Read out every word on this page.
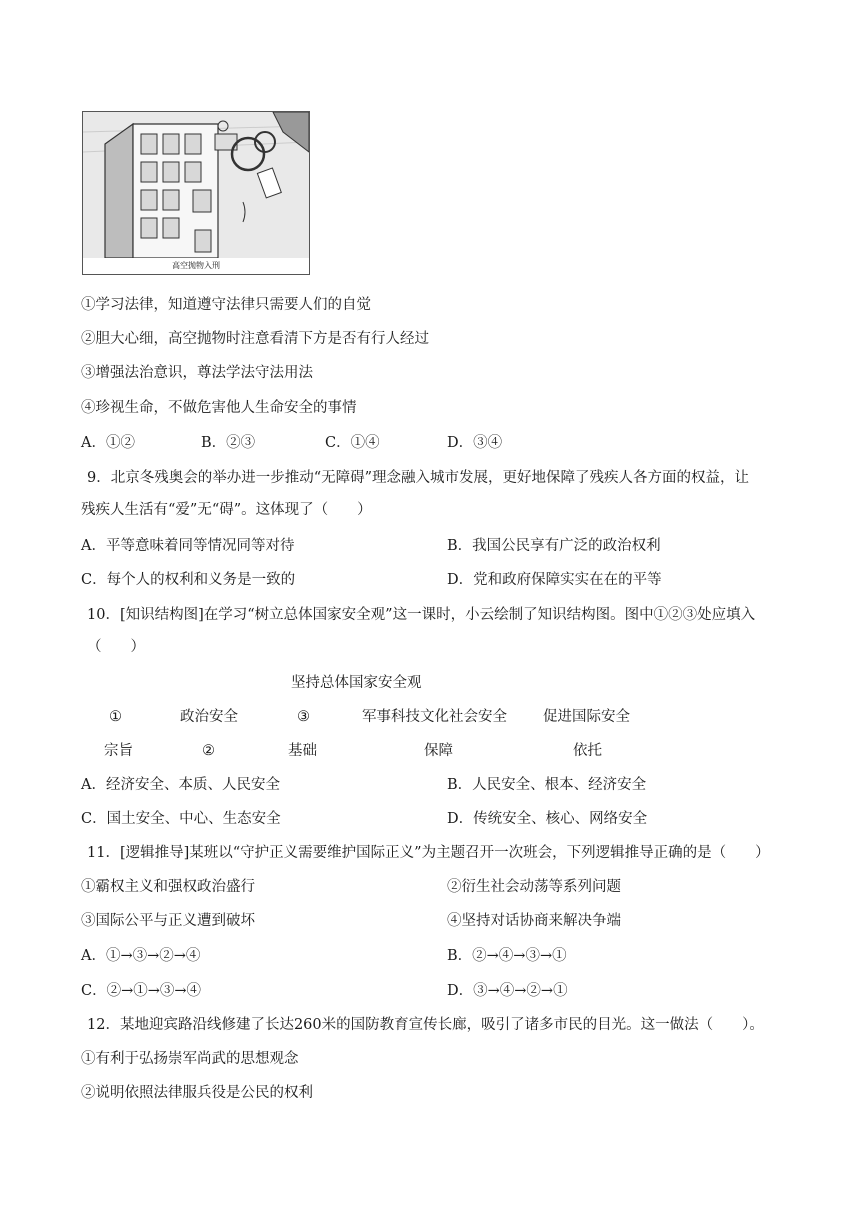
高空抛物入刑
①学习法律，知道遵守法律只需要人们的自觉
②胆大心细，高空抛物时注意看清下方是否有行人经过
③增强法治意识，尊法学法守法用法
④珍视生命，不做危害他人生命安全的事情
A．①②	B．②③	C．①④	D．③④
9．北京冬残奥会的举办进一步推动“无障碍”理念融入城市发展，更好地保障了残疾人各方面的权益，让
残疾人生活有“爱”无“碍”。这体现了（　　）
A．平等意味着同等情况同等对待	B．我国公民享有广泛的政治权利
C．每个人的权利和义务是一致的	D．党和政府保障实实在在的平等
10．[知识结构图]在学习“树立总体国家安全观”这一课时，小云绘制了知识结构图。图中①②③处应填入
（　　）
坚持总体国家安全观
①	政治安全	③	军事科技文化社会安全 促进国际安全
宗旨	②	基础	保障	依托
A．经济安全、本质、人民安全	B．人民安全、根本、经济安全
C．国土安全、中心、生态安全	D．传统安全、核心、网络安全
11．[逻辑推导]某班以“守护正义需要维护国际正义”为主题召开一次班会，下列逻辑推导正确的是（　　）
①霸权主义和强权政治盛行	②衍生社会动荡等系列问题
③国际公平与正义遭到破坏	④坚持对话协商来解决争端
A．①→③→②→④	B．②→④→③→①
C．②→①→③→④	D．③→④→②→①
12．某地迎宾路沿线修建了长达260米的国防教育宣传长廊，吸引了诸多市民的目光。这一做法（　　）。
①有利于弘扬崇军尚武的思想观念
②说明依照法律服兵役是公民的权利
